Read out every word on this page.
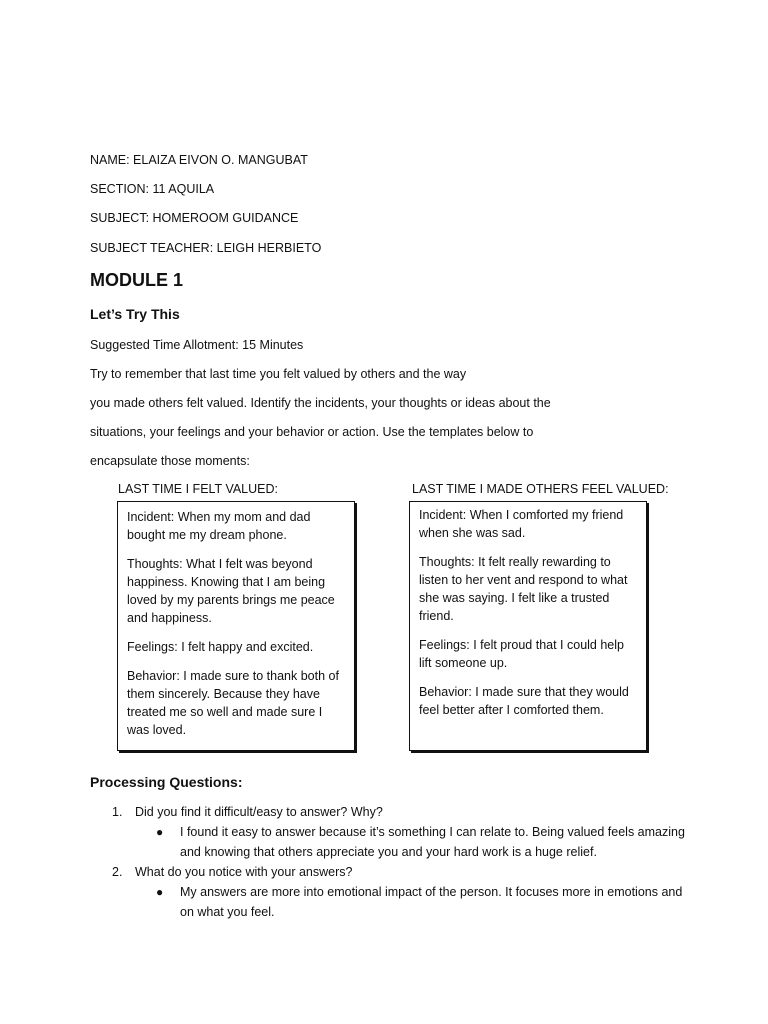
NAME: ELAIZA EIVON O. MANGUBAT
SECTION: 11 AQUILA
SUBJECT: HOMEROOM GUIDANCE
SUBJECT TEACHER: LEIGH HERBIETO
MODULE 1
Let’s Try This
Suggested Time Allotment: 15 Minutes
Try to remember that last time you felt valued by others and the way
you made others felt valued. Identify the incidents, your thoughts or ideas about the
situations, your feelings and your behavior or action. Use the templates below to
encapsulate those moments:
LAST TIME I FELT VALUED:	LAST TIME I MADE OTHERS FEEL VALUED:

Incident: When my mom and dad bought me my dream phone.

Thoughts: What I felt was beyond happiness. Knowing that I am being loved by my parents brings me peace and happiness.

Feelings: I felt happy and excited.

Behavior: I made sure to thank both of them sincerely. Because they have treated me so well and made sure I was loved.

Incident: When I comforted my friend when she was sad.

Thoughts: It felt really rewarding to listen to her vent and respond to what she was saying. I felt like a trusted friend.

Feelings: I felt proud that I could help lift someone up.

Behavior: I made sure that they would feel better after I comforted them.

Processing Questions:
1. Did you find it difficult/easy to answer? Why?
● I found it easy to answer because it’s something I can relate to. Being valued feels amazing and knowing that others appreciate you and your hard work is a huge relief.
2. What do you notice with your answers?
● My answers are more into emotional impact of the person. It focuses more in emotions and on what you feel.
